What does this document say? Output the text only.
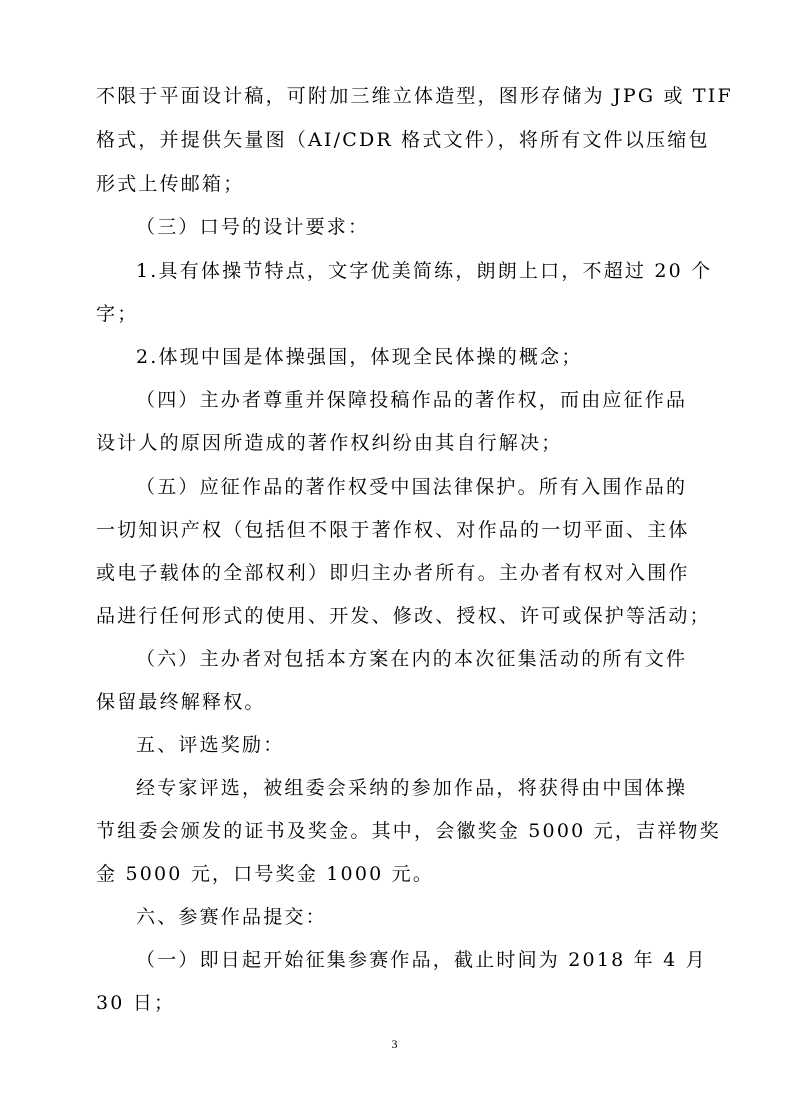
不限于平面设计稿，可附加三维立体造型，图形存储为 JPG 或 TIF
格式，并提供矢量图（AI/CDR 格式文件），将所有文件以压缩包
形式上传邮箱；
（三）口号的设计要求：
1.具有体操节特点，文字优美简练，朗朗上口，不超过 20 个
字；
2.体现中国是体操强国，体现全民体操的概念；
（四）主办者尊重并保障投稿作品的著作权，而由应征作品
设计人的原因所造成的著作权纠纷由其自行解决；
（五）应征作品的著作权受中国法律保护。所有入围作品的
一切知识产权（包括但不限于著作权、对作品的一切平面、主体
或电子载体的全部权利）即归主办者所有。主办者有权对入围作
品进行任何形式的使用、开发、修改、授权、许可或保护等活动；
（六）主办者对包括本方案在内的本次征集活动的所有文件
保留最终解释权。
五、评选奖励：
经专家评选，被组委会采纳的参加作品，将获得由中国体操
节组委会颁发的证书及奖金。其中，会徽奖金 5000 元，吉祥物奖
金 5000 元，口号奖金 1000 元。
六、参赛作品提交：
（一）即日起开始征集参赛作品，截止时间为 2018 年 4 月
30 日；
3
